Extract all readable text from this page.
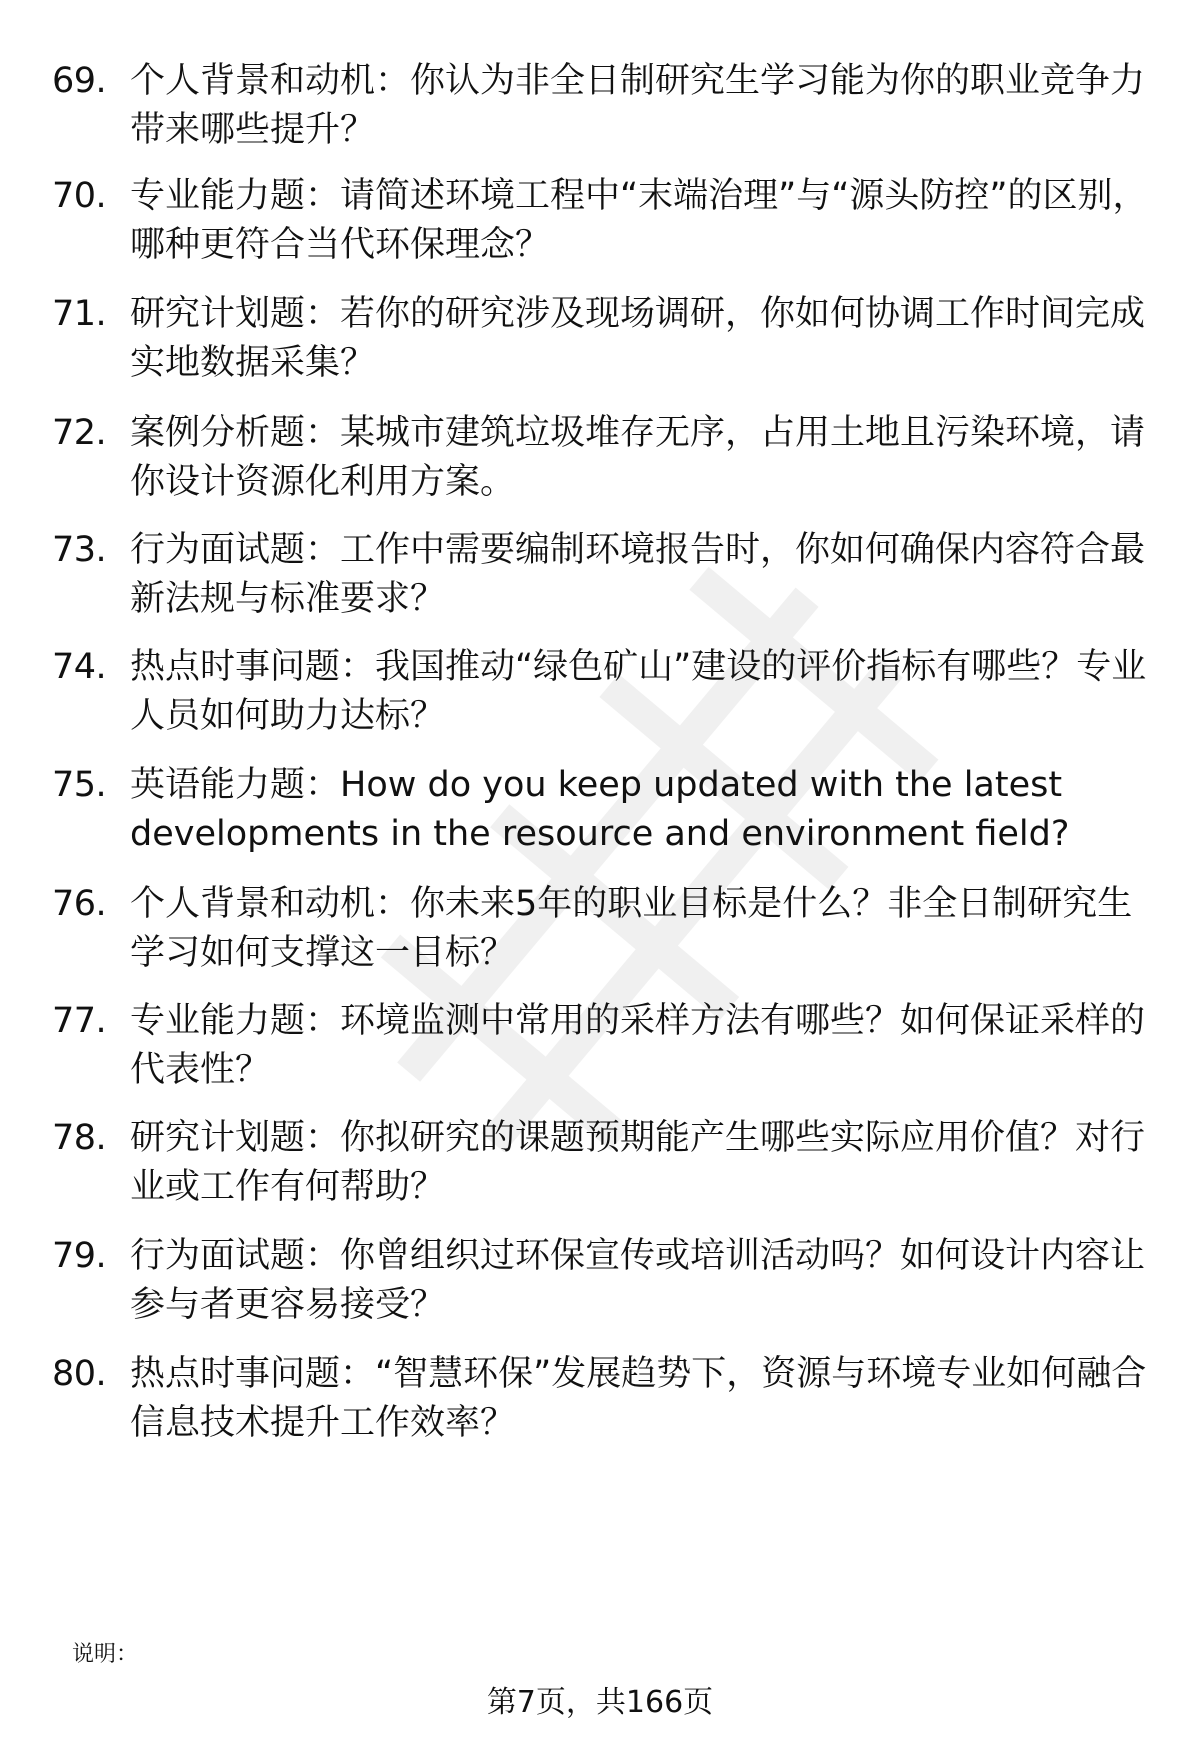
69. 个人背景和动机：你认为非全日制研究生学习能为你的职业竞争力带来哪些提升？
70. 专业能力题：请简述环境工程中“末端治理”与“源头防控”的区别，哪种更符合当代环保理念？
71. 研究计划题：若你的研究涉及现场调研，你如何协调工作时间完成实地数据采集？
72. 案例分析题：某城市建筑垃圾堆存无序，占用土地且污染环境，请你设计资源化利用方案。
73. 行为面试题：工作中需要编制环境报告时，你如何确保内容符合最新法规与标准要求？
74. 热点时事问题：我国推动“绿色矿山”建设的评价指标有哪些？专业人员如何助力达标？
75. 英语能力题：How do you keep updated with the latest developments in the resource and environment field?
76. 个人背景和动机：你未来5年的职业目标是什么？非全日制研究生学习如何支撑这一目标？
77. 专业能力题：环境监测中常用的采样方法有哪些？如何保证采样的代表性？
78. 研究计划题：你拟研究的课题预期能产生哪些实际应用价值？对行业或工作有何帮助？
79. 行为面试题：你曾组织过环保宣传或培训活动吗？如何设计内容让参与者更容易接受？
80. 热点时事问题：“智慧环保”发展趋势下，资源与环境专业如何融合信息技术提升工作效率？
说明：
第7页，共166页
